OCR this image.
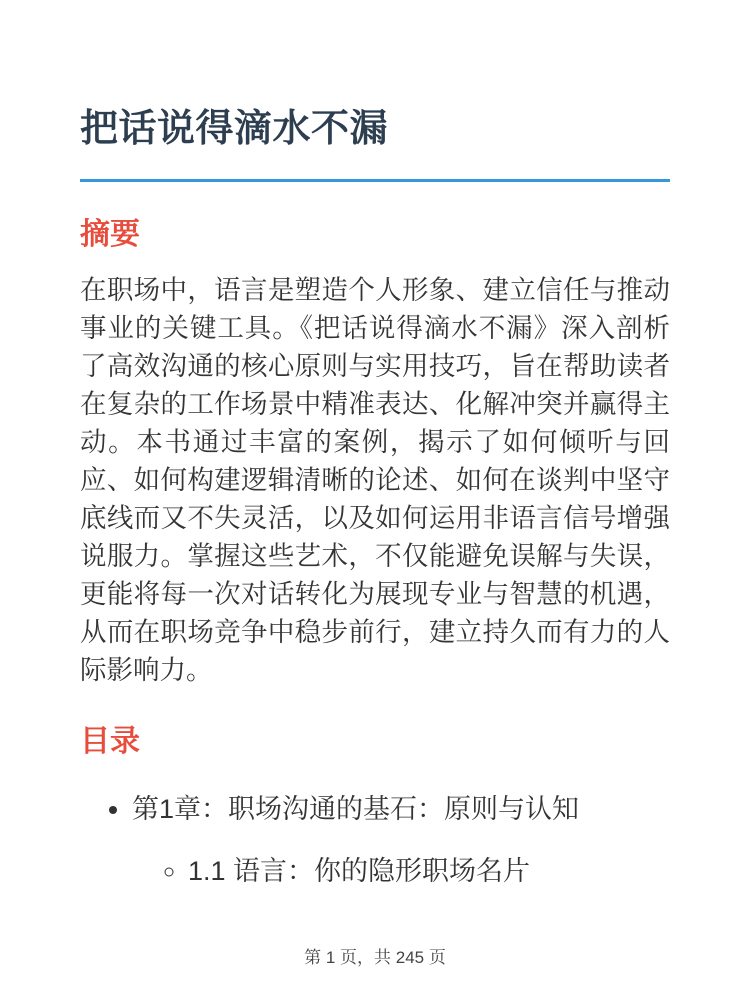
把话说得滴水不漏
摘要

在职场中，语言是塑造个人形象、建立信任与推动事业的关键工具。《把话说得滴水不漏》深入剖析了高效沟通的核心原则与实用技巧，旨在帮助读者在复杂的工作场景中精准表达、化解冲突并赢得主动。本书通过丰富的案例，揭示了如何倾听与回应、如何构建逻辑清晰的论述、如何在谈判中坚守底线而又不失灵活，以及如何运用非语言信号增强说服力。掌握这些艺术，不仅能避免误解与失误，更能将每一次对话转化为展现专业与智慧的机遇，从而在职场竞争中稳步前行，建立持久而有力的人际影响力。

目录
• 第1章：职场沟通的基石：原则与认知
◦ 1.1 语言：你的隐形职场名片
第 1 页，共 245 页
